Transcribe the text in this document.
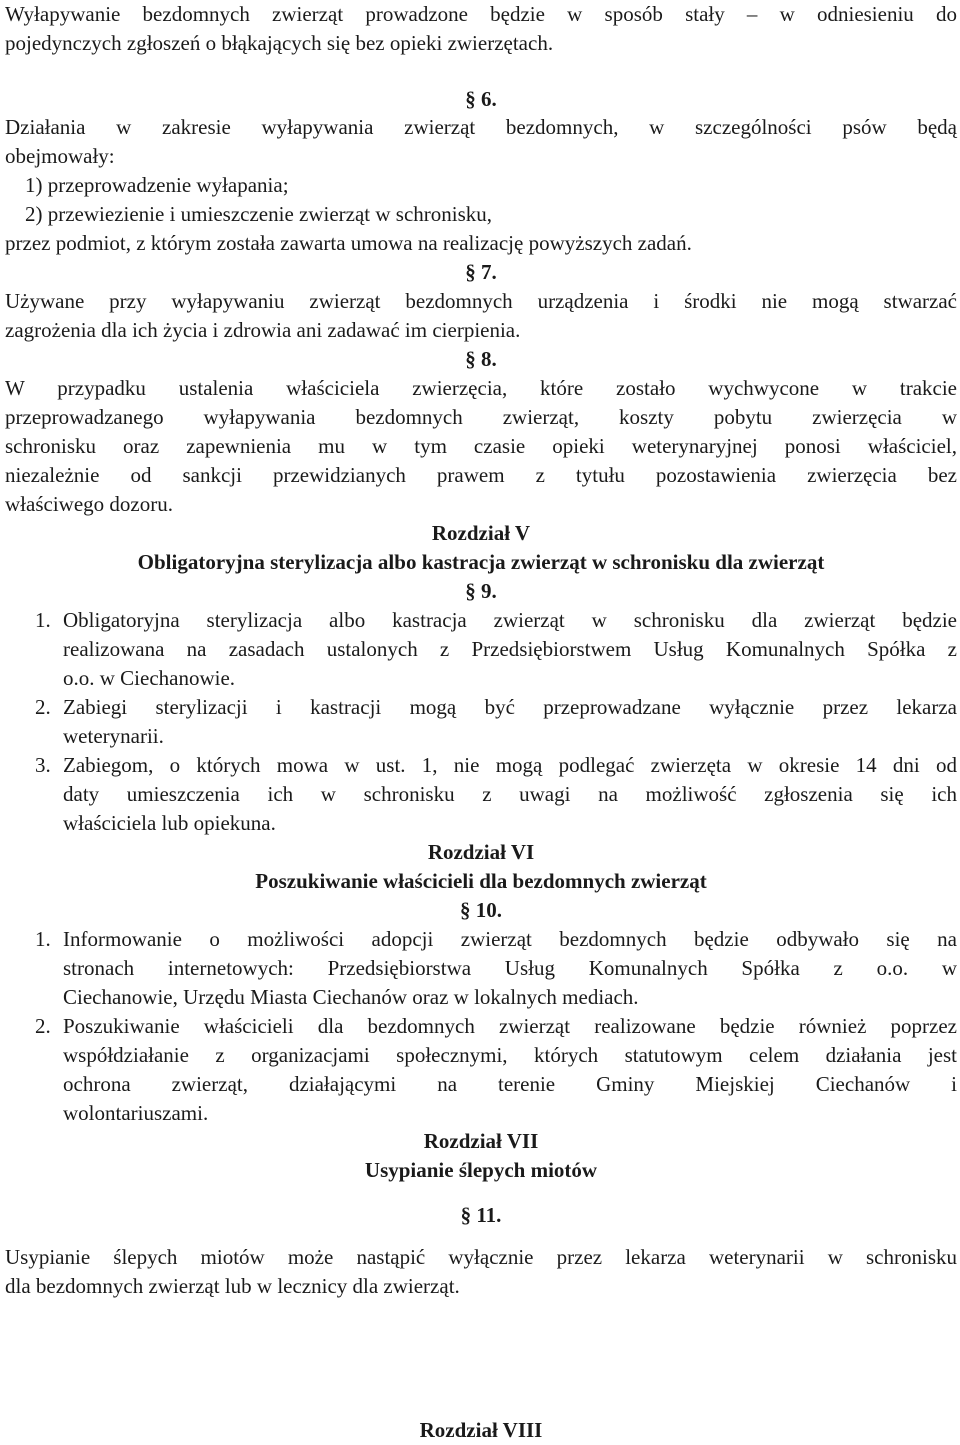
Wyłapywanie bezdomnych zwierząt prowadzone będzie w sposób stały – w odniesieniu do
pojedynczych zgłoszeń o błąkających się bez opieki zwierzętach.
§ 6.
Działania w zakresie wyłapywania zwierząt bezdomnych, w szczególności psów będą
obejmowały:
1) przeprowadzenie wyłapania;
2) przewiezienie i umieszczenie zwierząt w schronisku,
przez podmiot, z którym została zawarta umowa na realizację powyższych zadań.
§ 7.
Używane przy wyłapywaniu zwierząt bezdomnych urządzenia i środki nie mogą stwarzać
zagrożenia dla ich życia i zdrowia ani zadawać im cierpienia.
§ 8.
W przypadku ustalenia właściciela zwierzęcia, które zostało wychwycone w trakcie
przeprowadzanego wyłapywania bezdomnych zwierząt, koszty pobytu zwierzęcia w
schronisku oraz zapewnienia mu w tym czasie opieki weterynaryjnej ponosi właściciel,
niezależnie od sankcji przewidzianych prawem z tytułu pozostawienia zwierzęcia bez
właściwego dozoru.
Rozdział V
Obligatoryjna sterylizacja albo kastracja zwierząt w schronisku dla zwierząt
§ 9.
1. Obligatoryjna sterylizacja albo kastracja zwierząt w schronisku dla zwierząt będzie
realizowana na zasadach ustalonych z Przedsiębiorstwem Usług Komunalnych Spółka z
o.o. w Ciechanowie.
2. Zabiegi sterylizacji i kastracji mogą być przeprowadzane wyłącznie przez lekarza
weterynarii.
3. Zabiegom, o których mowa w ust. 1, nie mogą podlegać zwierzęta w okresie 14 dni od
daty umieszczenia ich w schronisku z uwagi na możliwość zgłoszenia się ich
właściciela lub opiekuna.
Rozdział VI
Poszukiwanie właścicieli dla bezdomnych zwierząt
§ 10.
1. Informowanie o możliwości adopcji zwierząt bezdomnych będzie odbywało się na
stronach internetowych: Przedsiębiorstwa Usług Komunalnych Spółka z o.o. w
Ciechanowie, Urzędu Miasta Ciechanów oraz w lokalnych mediach.
2. Poszukiwanie właścicieli dla bezdomnych zwierząt realizowane będzie również poprzez
współdziałanie z organizacjami społecznymi, których statutowym celem działania jest
ochrona zwierząt, działającymi na terenie Gminy Miejskiej Ciechanów i
wolontariuszami.
Rozdział VII
Usypianie ślepych miotów
§ 11.
Usypianie ślepych miotów może nastąpić wyłącznie przez lekarza weterynarii w schronisku
dla bezdomnych zwierząt lub w lecznicy dla zwierząt.
Rozdział VIII
